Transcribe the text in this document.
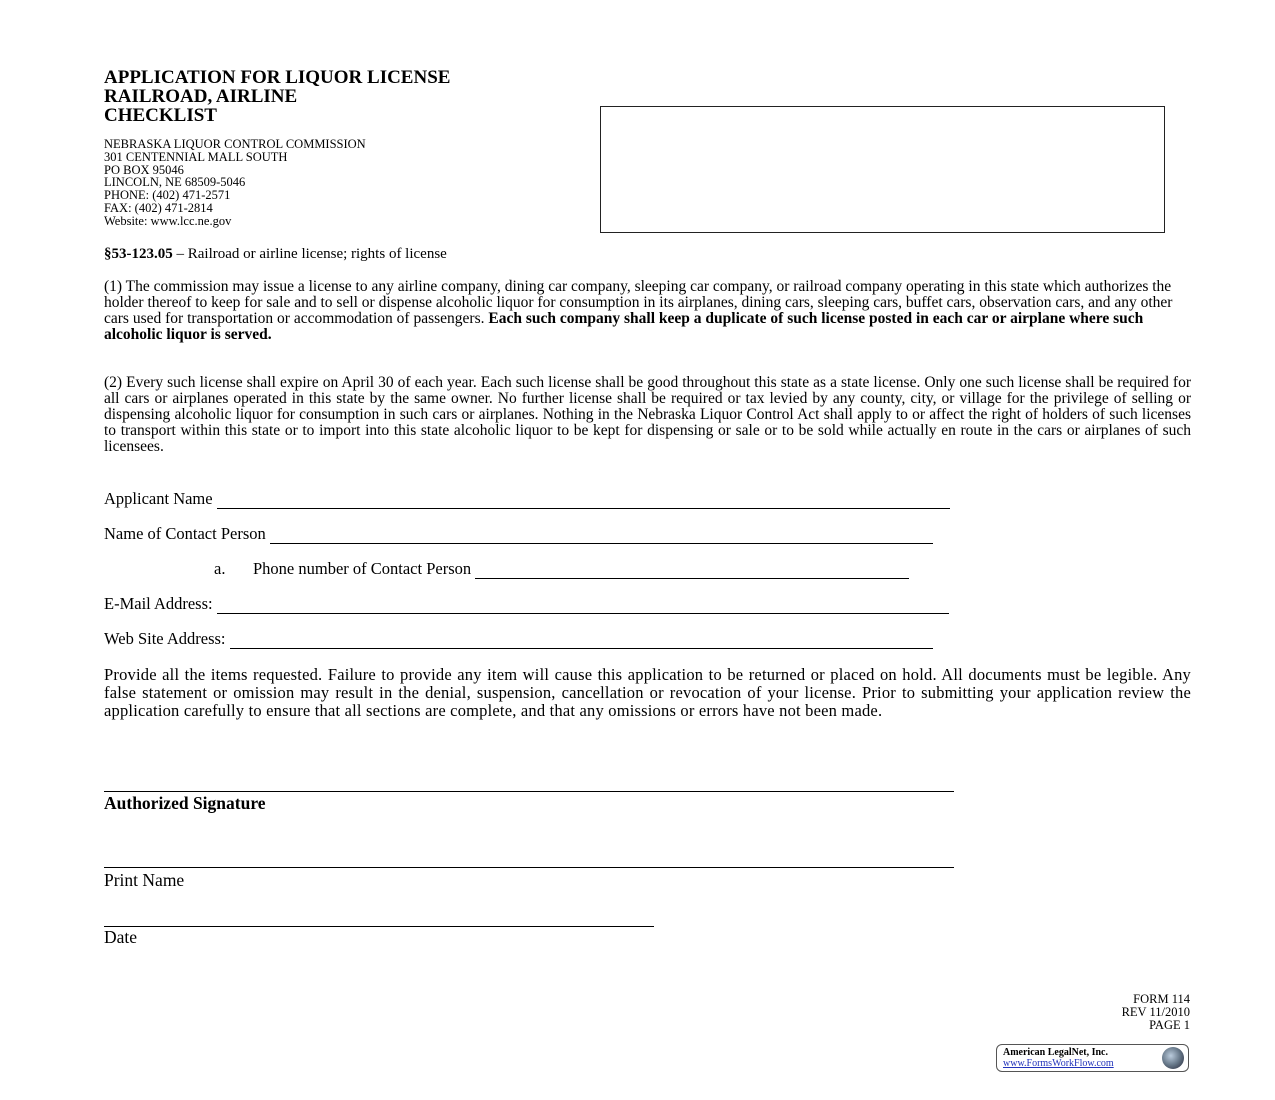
APPLICATION FOR LIQUOR LICENSE
RAILROAD, AIRLINE
CHECKLIST
NEBRASKA LIQUOR CONTROL COMMISSION
301 CENTENNIAL MALL SOUTH
PO BOX 95046
LINCOLN, NE 68509-5046
PHONE: (402) 471-2571
FAX: (402) 471-2814
Website: www.lcc.ne.gov
§53-123.05 – Railroad or airline license; rights of license
(1) The commission may issue a license to any airline company, dining car company, sleeping car company, or railroad company operating in this state which authorizes the holder thereof to keep for sale and to sell or dispense alcoholic liquor for consumption in its airplanes, dining cars, sleeping cars, buffet cars, observation cars, and any other cars used for transportation or accommodation of passengers. Each such company shall keep a duplicate of such license posted in each car or airplane where such alcoholic liquor is served.
(2) Every such license shall expire on April 30 of each year. Each such license shall be good throughout this state as a state license. Only one such license shall be required for all cars or airplanes operated in this state by the same owner. No further license shall be required or tax levied by any county, city, or village for the privilege of selling or dispensing alcoholic liquor for consumption in such cars or airplanes. Nothing in the Nebraska Liquor Control Act shall apply to or affect the right of holders of such licenses to transport within this state or to import into this state alcoholic liquor to be kept for dispensing or sale or to be sold while actually en route in the cars or airplanes of such licensees.
Applicant Name
Name of Contact Person
a.	Phone number of Contact Person
E-Mail Address:
Web Site Address:
Provide all the items requested. Failure to provide any item will cause this application to be returned or placed on hold. All documents must be legible. Any false statement or omission may result in the denial, suspension, cancellation or revocation of your license. Prior to submitting your application review the application carefully to ensure that all sections are complete, and that any omissions or errors have not been made.
Authorized Signature
Print Name
Date
FORM 114
REV 11/2010
PAGE 1
American LegalNet, Inc.
www.FormsWorkFlow.com
